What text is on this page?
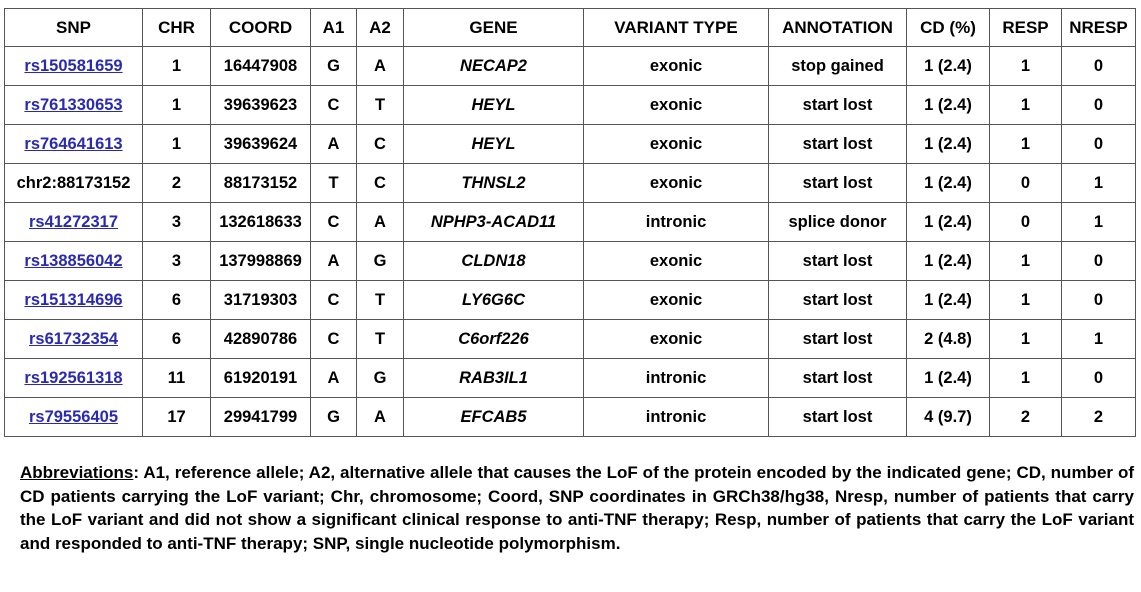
SNP	CHR	COORD	A1	A2	GENE	VARIANT TYPE	ANNOTATION	CD (%)	RESP	NRESP
rs150581659	1	16447908	G	A	NECAP2	exonic	stop gained	1 (2.4)	1	0
rs761330653	1	39639623	C	T	HEYL	exonic	start lost	1 (2.4)	1	0
rs764641613	1	39639624	A	C	HEYL	exonic	start lost	1 (2.4)	1	0
chr2:88173152	2	88173152	T	C	THNSL2	exonic	start lost	1 (2.4)	0	1
rs41272317	3	132618633	C	A	NPHP3-ACAD11	intronic	splice donor	1 (2.4)	0	1
rs138856042	3	137998869	A	G	CLDN18	exonic	start lost	1 (2.4)	1	0
rs151314696	6	31719303	C	T	LY6G6C	exonic	start lost	1 (2.4)	1	0
rs61732354	6	42890786	C	T	C6orf226	exonic	start lost	2 (4.8)	1	1
rs192561318	11	61920191	A	G	RAB3IL1	intronic	start lost	1 (2.4)	1	0
rs79556405	17	29941799	G	A	EFCAB5	intronic	start lost	4 (9.7)	2	2
Abbreviations: A1, reference allele; A2, alternative allele that causes the LoF of the protein encoded by the indicated gene; CD, number of CD patients carrying the LoF variant; Chr, chromosome; Coord, SNP coordinates in GRCh38/hg38, Nresp, number of patients that carry the LoF variant and did not show a significant clinical response to anti-TNF therapy; Resp, number of patients that carry the LoF variant and responded to anti-TNF therapy; SNP, single nucleotide polymorphism.
